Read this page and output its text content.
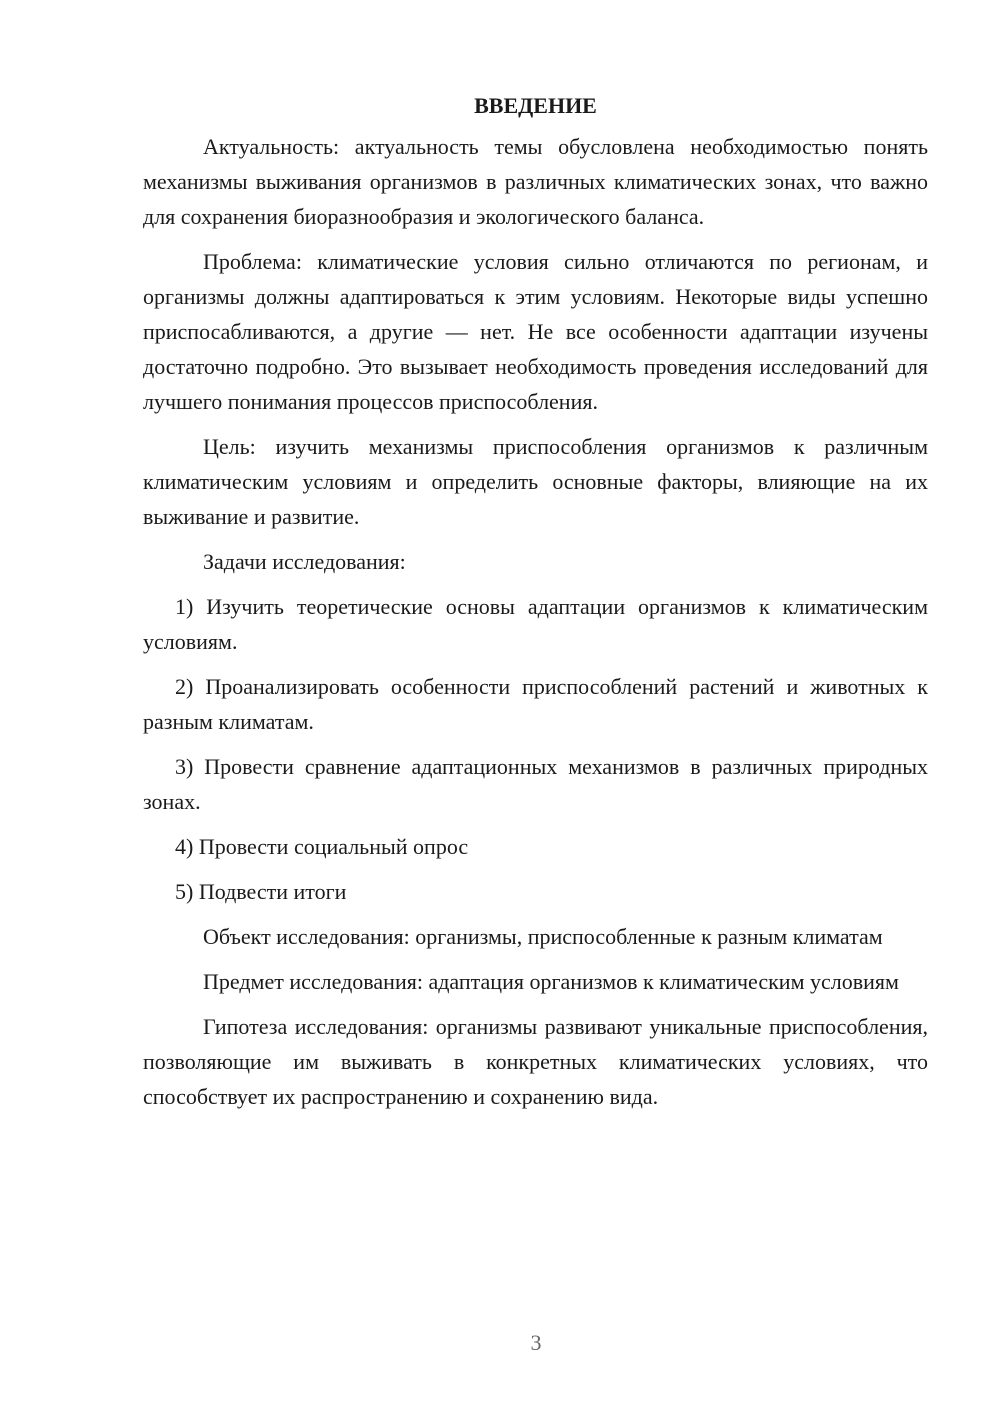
ВВЕДЕНИЕ

Актуальность: актуальность темы обусловлена необходимостью понять механизмы выживания организмов в различных климатических зонах, что важно для сохранения биоразнообразия и экологического баланса.

Проблема: климатические условия сильно отличаются по регионам, и организмы должны адаптироваться к этим условиям. Некоторые виды успешно приспосабливаются, а другие — нет. Не все особенности адаптации изучены достаточно подробно. Это вызывает необходимость проведения исследований для лучшего понимания процессов приспособления.

Цель: изучить механизмы приспособления организмов к различным климатическим условиям и определить основные факторы, влияющие на их выживание и развитие.

Задачи исследования:

1) Изучить теоретические основы адаптации организмов к климатическим условиям.

2) Проанализировать особенности приспособлений растений и животных к разным климатам.

3) Провести сравнение адаптационных механизмов в различных природных зонах.

4) Провести социальный опрос

5) Подвести итоги

Объект исследования: организмы, приспособленные к разным климатам

Предмет исследования: адаптация организмов к климатическим условиям

Гипотеза исследования: организмы развивают уникальные приспособления, позволяющие им выживать в конкретных климатических условиях, что способствует их распространению и сохранению вида.

3
